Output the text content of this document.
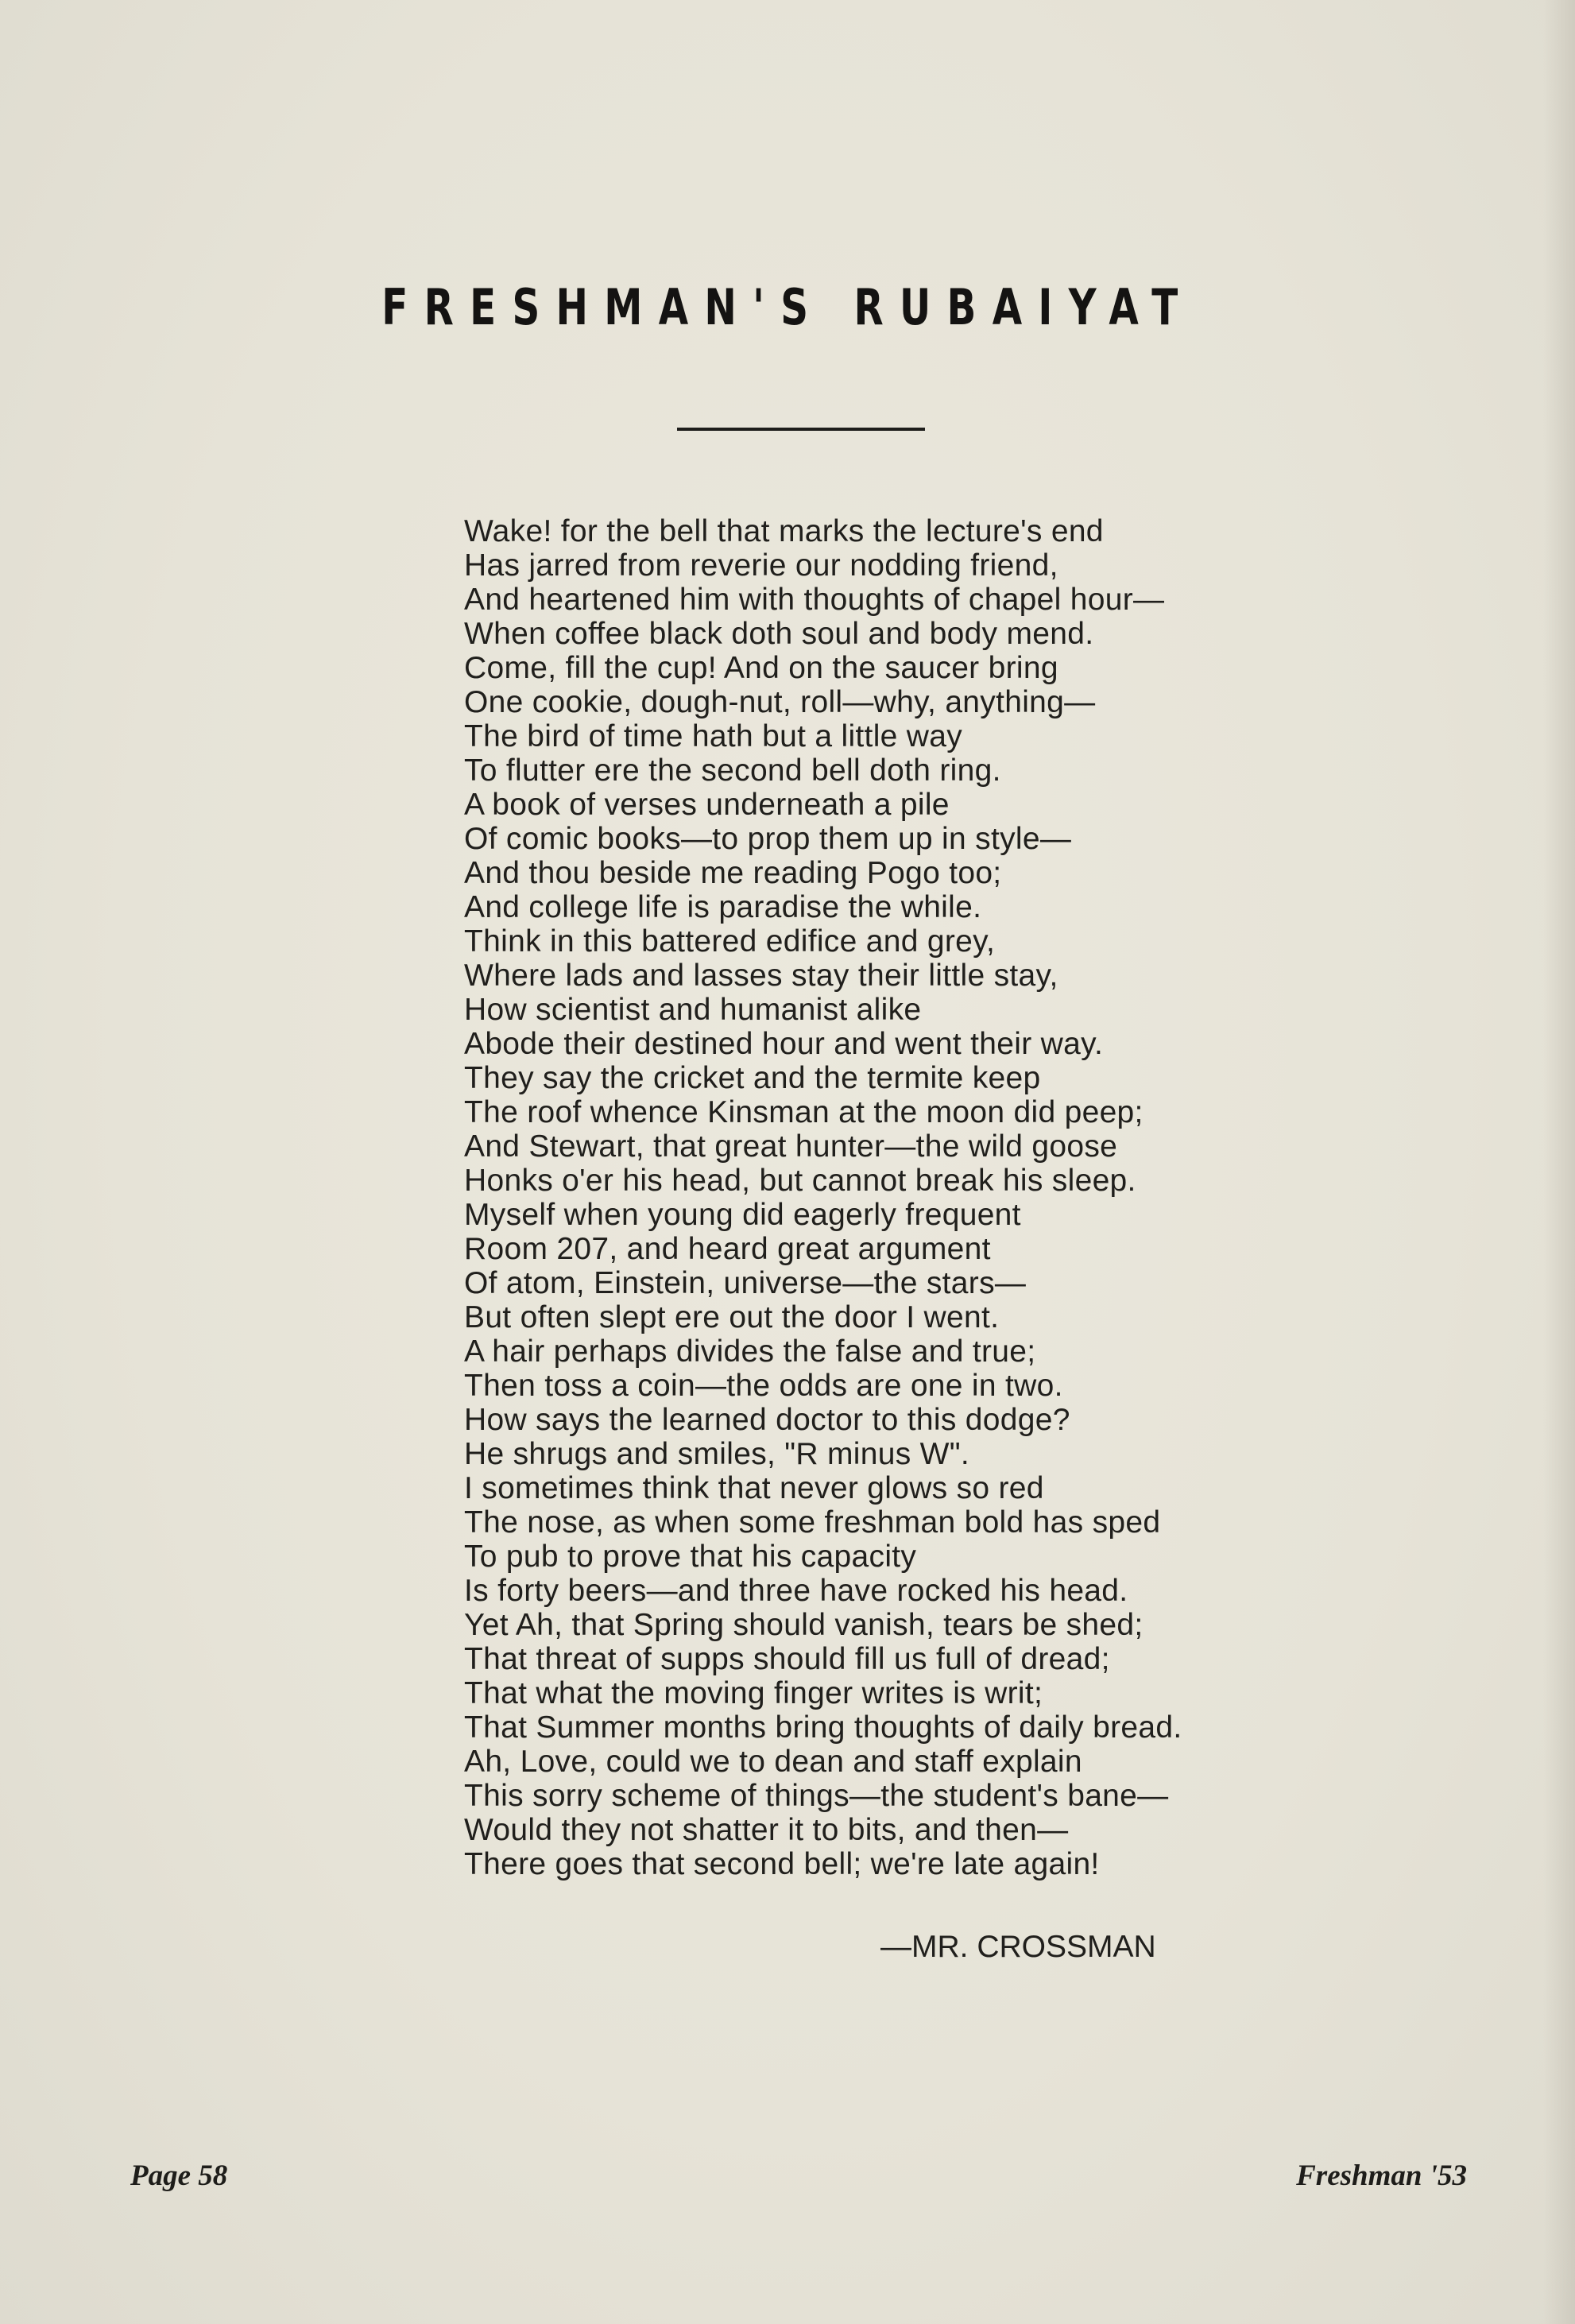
FRESHMAN'S RUBAIYAT
Wake! for the bell that marks the lecture's end
Has jarred from reverie our nodding friend,
And heartened him with thoughts of chapel hour—
When coffee black doth soul and body mend.
Come, fill the cup! And on the saucer bring
One cookie, dough-nut, roll—why, anything—
The bird of time hath but a little way
To flutter ere the second bell doth ring.
A book of verses underneath a pile
Of comic books—to prop them up in style—
And thou beside me reading Pogo too;
And college life is paradise the while.
Think in this battered edifice and grey,
Where lads and lasses stay their little stay,
How scientist and humanist alike
Abode their destined hour and went their way.
They say the cricket and the termite keep
The roof whence Kinsman at the moon did peep;
And Stewart, that great hunter—the wild goose
Honks o'er his head, but cannot break his sleep.
Myself when young did eagerly frequent
Room 207, and heard great argument
Of atom, Einstein, universe—the stars—
But often slept ere out the door I went.
A hair perhaps divides the false and true;
Then toss a coin—the odds are one in two.
How says the learned doctor to this dodge?
He shrugs and smiles, "R minus W".
I sometimes think that never glows so red
The nose, as when some freshman bold has sped
To pub to prove that his capacity
Is forty beers—and three have rocked his head.
Yet Ah, that Spring should vanish, tears be shed;
That threat of supps should fill us full of dread;
That what the moving finger writes is writ;
That Summer months bring thoughts of daily bread.
Ah, Love, could we to dean and staff explain
This sorry scheme of things—the student's bane—
Would they not shatter it to bits, and then—
There goes that second bell; we're late again!
—MR. CROSSMAN
Page 58	Freshman '53
